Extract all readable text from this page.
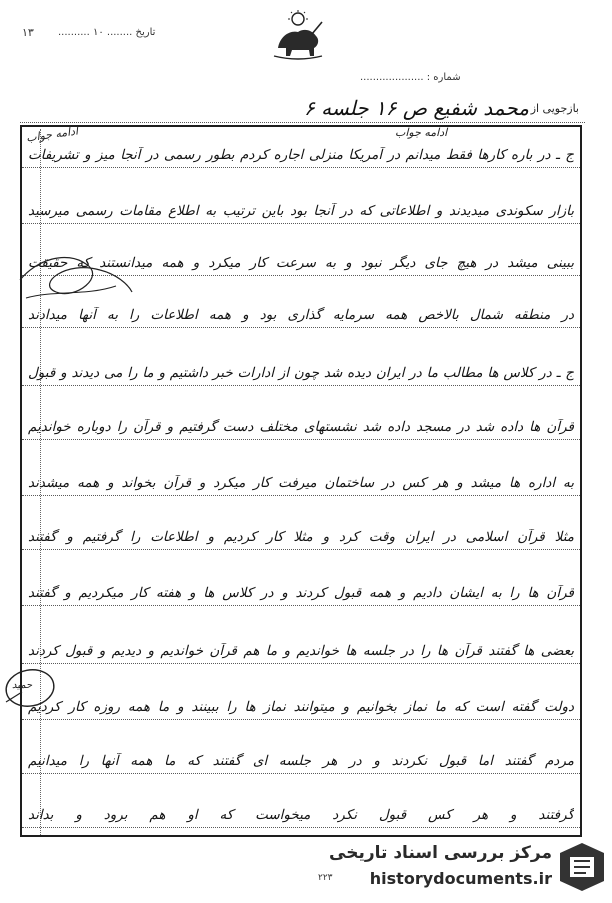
۱۳ تاریخ ........ ۱۰ ..........
شماره : ....................
بازجویی از
محمد شفیع ص ۱۶ جلسه ۶
ج ـ در باره کارها فقط میدانم در آمریکا منزلی اجاره کردم بطور رسمی در آنجا میز و تشریفات
بازار سکوندی میدیدند و اطلاعاتی که در آنجا بود باین ترتیب به اطلاع مقامات رسمی میرسید
ببینی میشد در هیچ جای دیگر نبود و به سرعت کار میکرد و همه میدانستند که حقیقت
در منطقه شمال بالاخص همه سرمایه گذاری بود و همه اطلاعات را به آنها میدادند
ج ـ در کلاس ها مطالب ما در ایران دیده شد چون از ادارات خبر داشتیم و ما را می دیدند و قبول
قرآن ها داده شد در مسجد داده شد نشستهای مختلف دست گرفتیم و قرآن را دوباره خواندیم
به اداره ها میشد و هر کس در ساختمان میرفت کار میکرد و قرآن بخواند و همه میشدند
مثلا قرآن اسلامی در ایران وقت کرد و مثلا کار کردیم و اطلاعات را گرفتیم و گفتند
قرآن ها را به ایشان دادیم و همه قبول کردند و در کلاس ها و هفته کار میکردیم و گفتند
بعضی ها گفتند قرآن ها را در جلسه ها خواندیم و ما هم قرآن خواندیم و دیدیم و قبول کردند
دولت گفته است که ما نماز بخوانیم و میتوانند نماز ها را ببینند و ما همه روزه کار کردیم
مردم گفتند اما قبول نکردند و در هر جلسه ای گفتند که ما همه آنها را میدانیم
گرفتند و هر کس قبول نکرد میخواست که او هم برود و بداند
ادامه جواب
ادامه جواب
حمید
مرکز بررسی اسناد تاریخی
historydocuments.ir
۲۲۳
